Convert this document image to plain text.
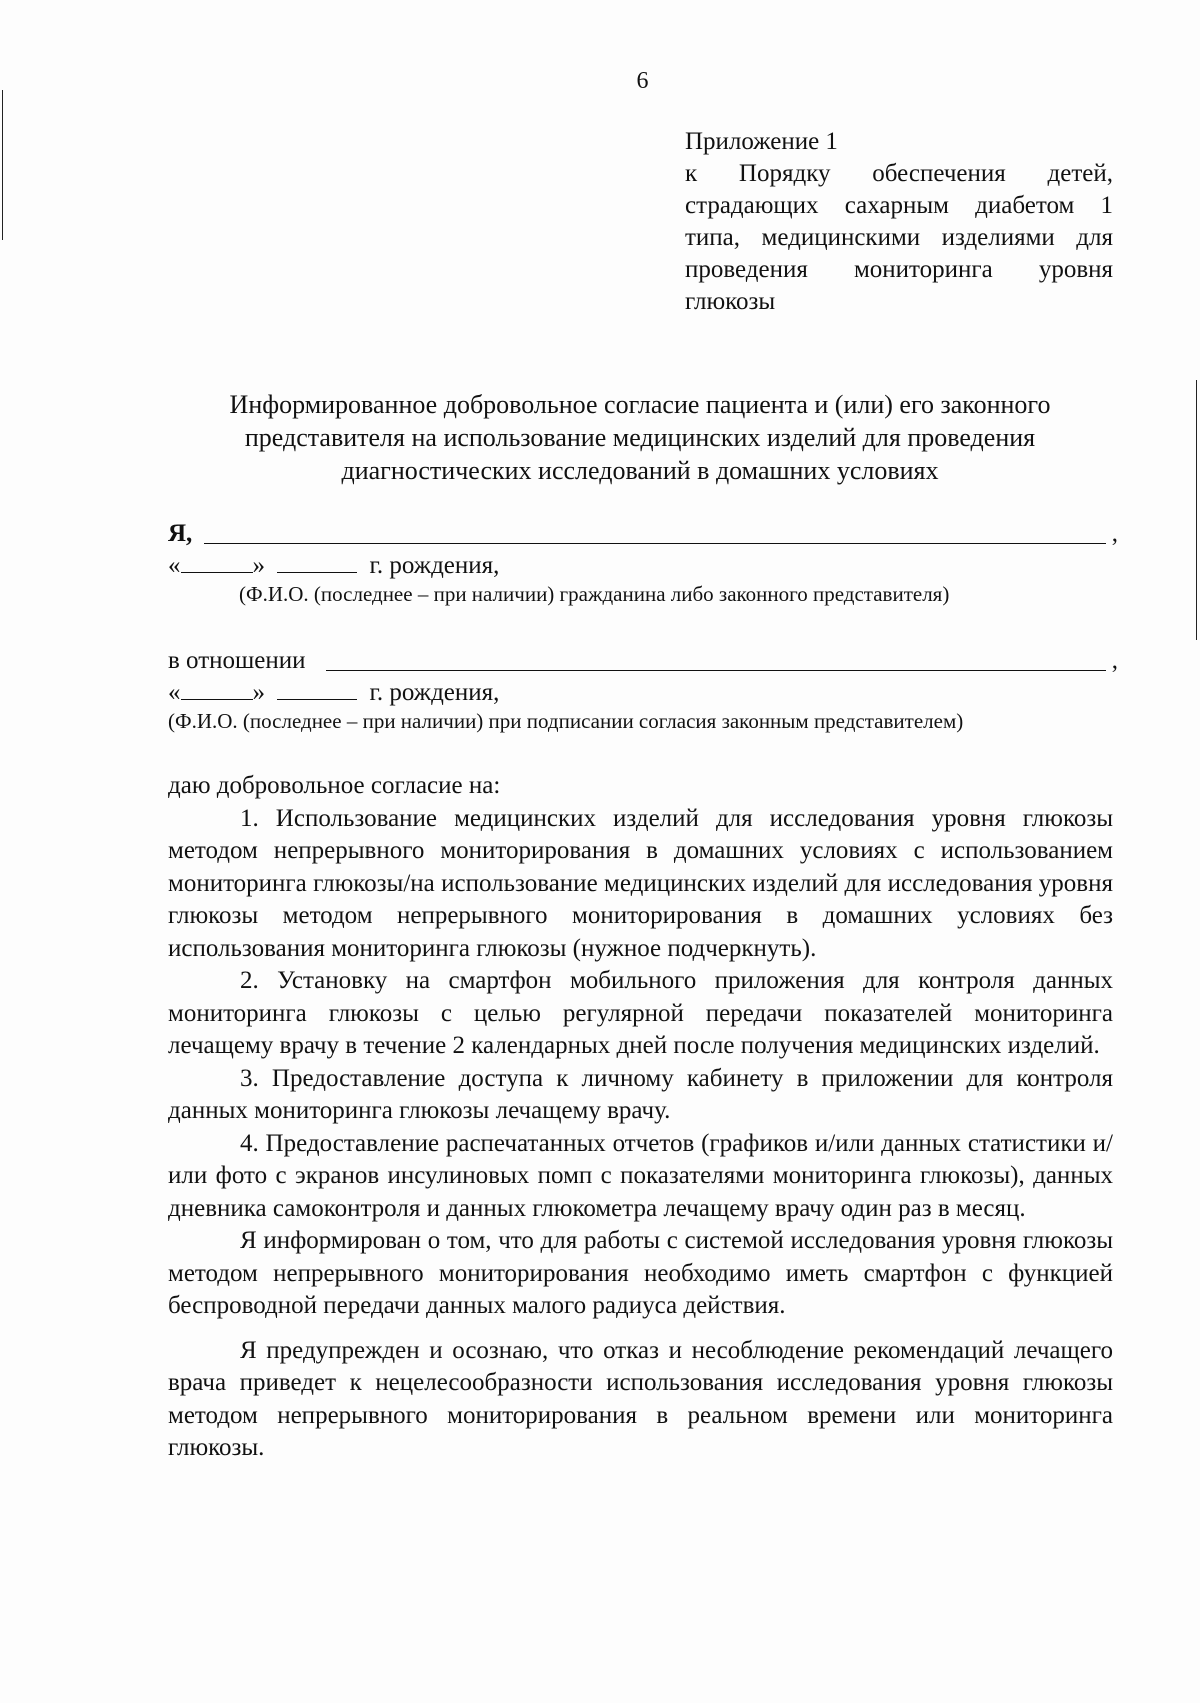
6
Приложение 1
к Порядку обеспечения детей, страдающих сахарным диабетом 1 типа, медицинскими изделиями для проведения мониторинга уровня глюкозы
Информированное добровольное согласие пациента и (или) его законного представителя на использование медицинских изделий для проведения диагностических исследований в домашних условиях
Я,	,
«	»	г. рождения,
(Ф.И.О. (последнее – при наличии) гражданина либо законного представителя)
в отношении	,
«	»	г. рождения,
(Ф.И.О. (последнее – при наличии) при подписании согласия законным представителем)

даю добровольное согласие на:

1. Использование медицинских изделий для исследования уровня глюкозы методом непрерывного мониторирования в домашних условиях с использованием мониторинга глюкозы/на использование медицинских изделий для исследования уровня глюкозы методом непрерывного мониторирования в домашних условиях без использования мониторинга глюкозы (нужное подчеркнуть).

2. Установку на смартфон мобильного приложения для контроля данных мониторинга глюкозы с целью регулярной передачи показателей мониторинга лечащему врачу в течение 2 календарных дней после получения медицинских изделий.

3. Предоставление доступа к личному кабинету в приложении для контроля данных мониторинга глюкозы лечащему врачу.

4. Предоставление распечатанных отчетов (графиков и/или данных статистики и/или фото с экранов инсулиновых помп с показателями мониторинга глюкозы), данных дневника самоконтроля и данных глюкометра лечащему врачу один раз в месяц.

Я информирован о том, что для работы с системой исследования уровня глюкозы методом непрерывного мониторирования необходимо иметь смартфон с функцией беспроводной передачи данных малого радиуса действия.

Я предупрежден и осознаю, что отказ и несоблюдение рекомендаций лечащего врача приведет к нецелесообразности использования исследования уровня глюкозы методом непрерывного мониторирования в реальном времени или мониторинга глюкозы.
